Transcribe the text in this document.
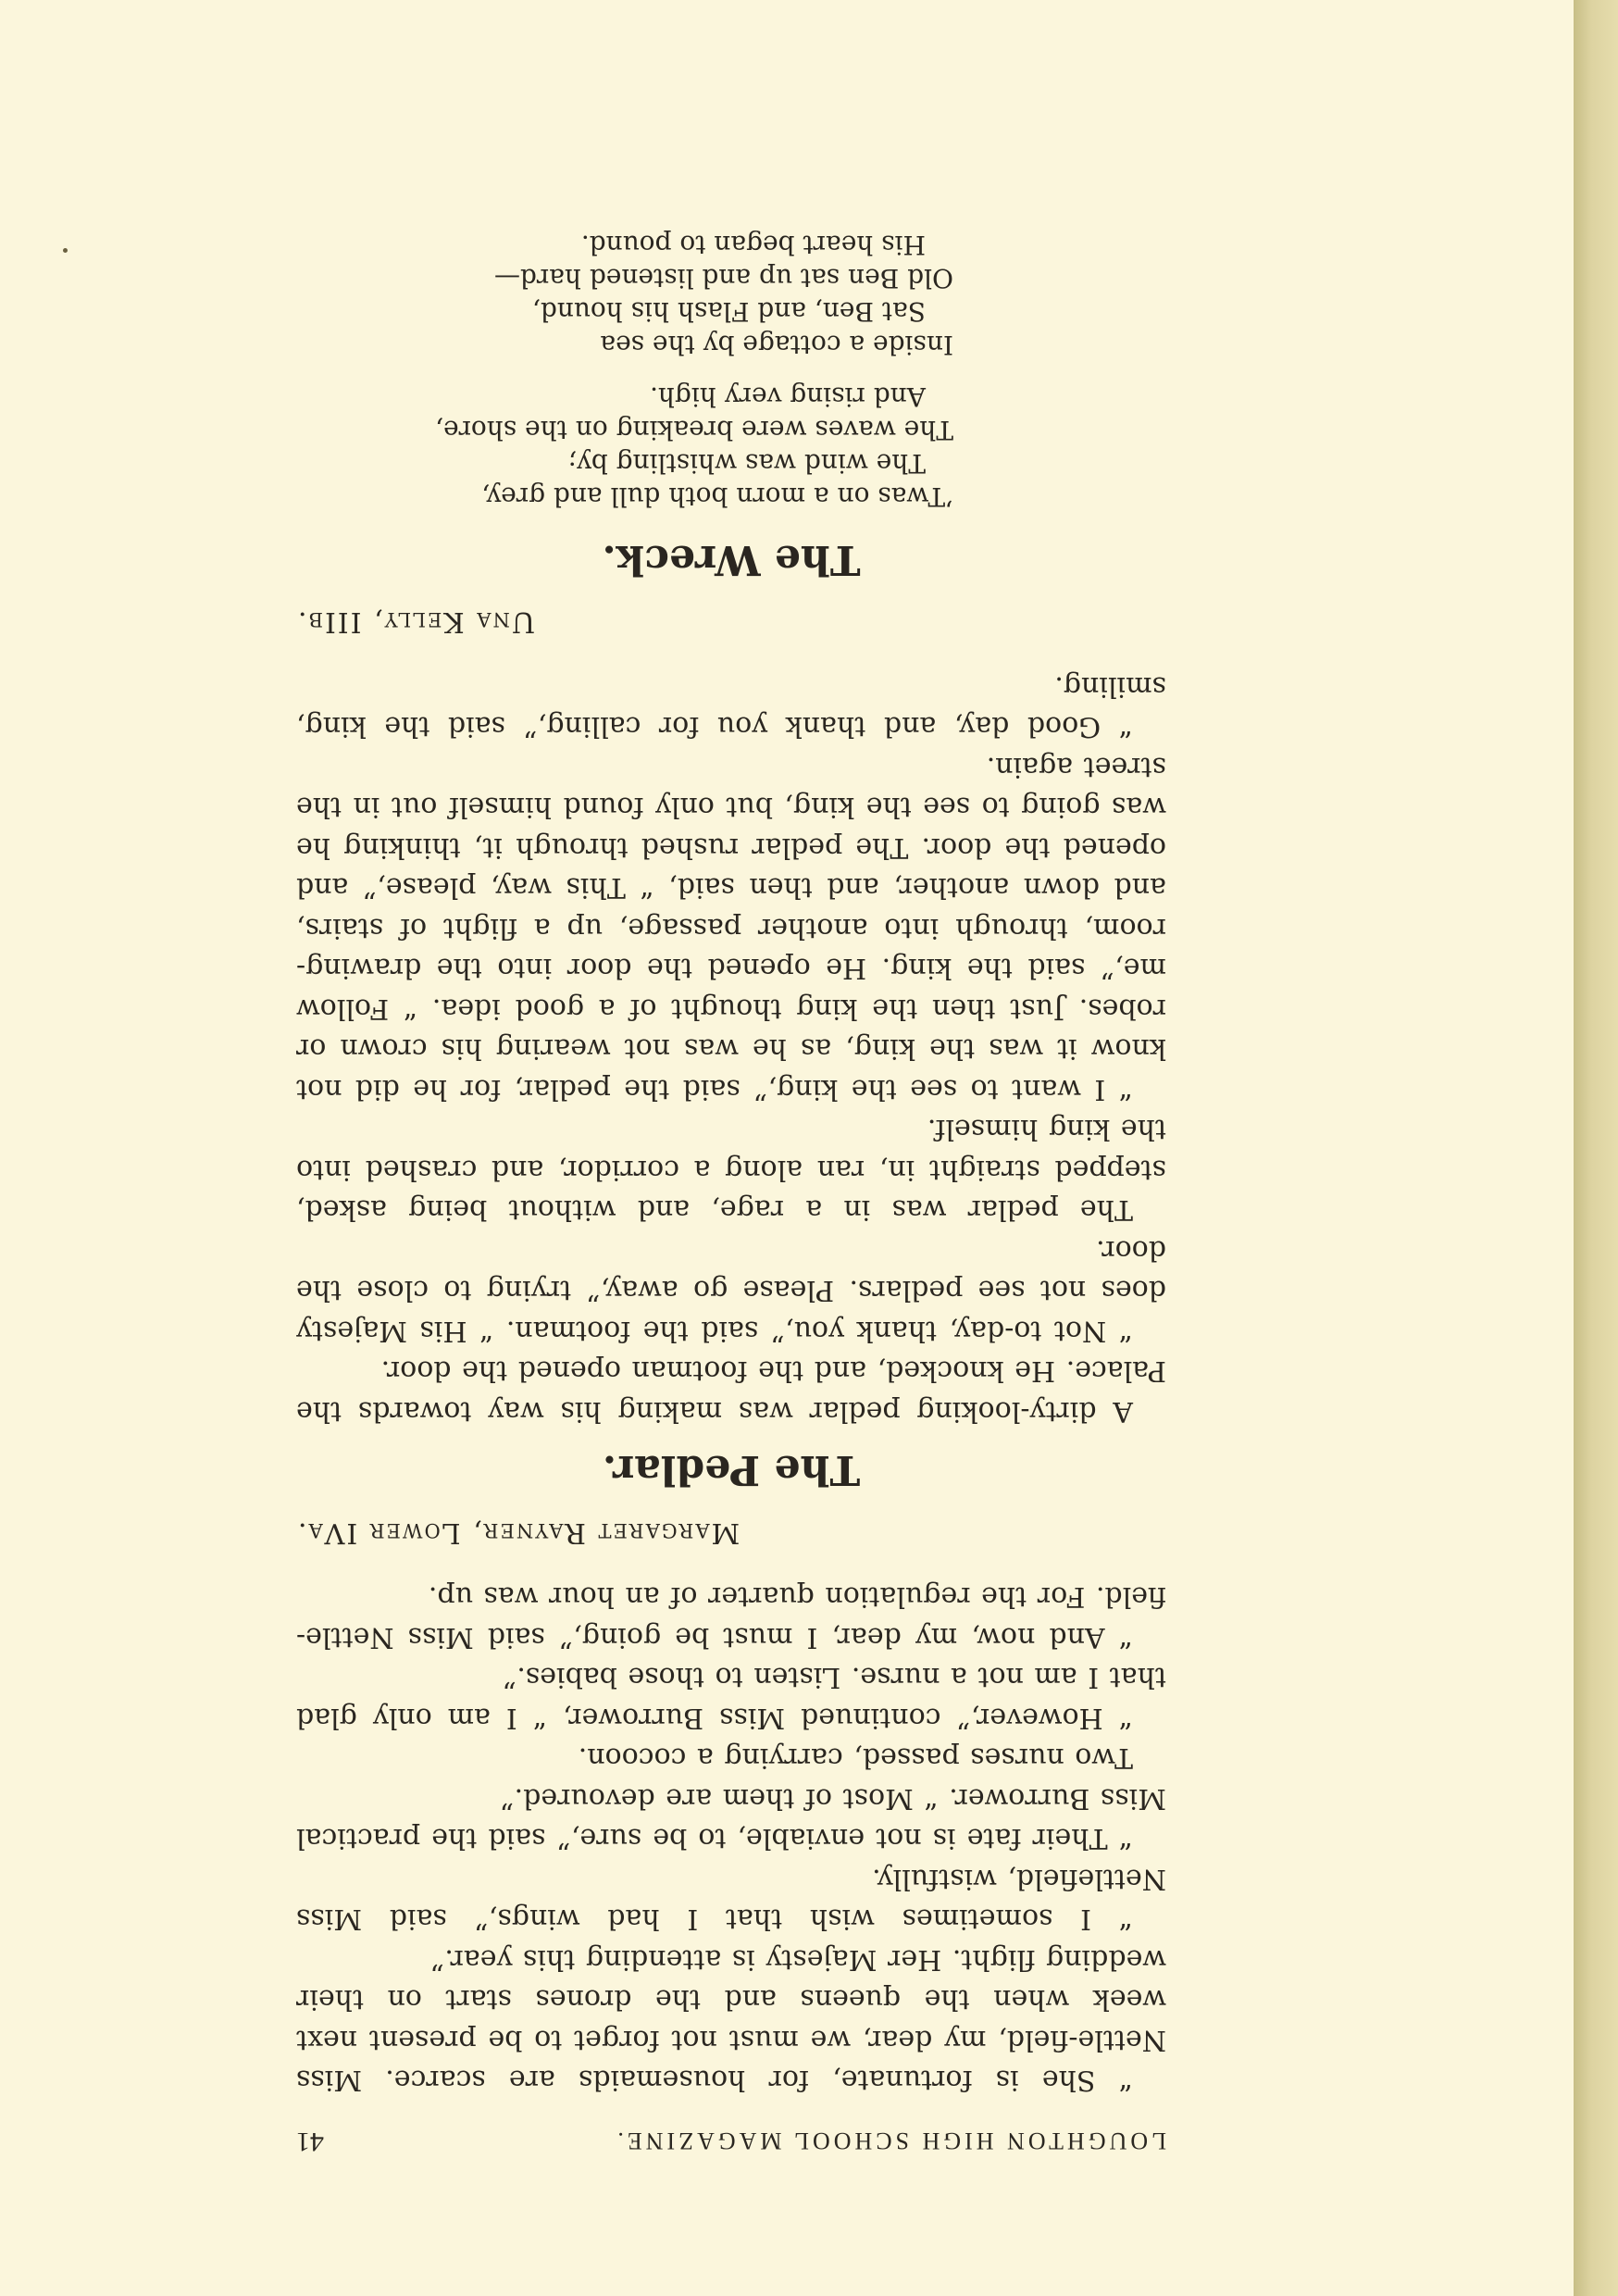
LOUGHTON HIGH SCHOOL MAGAZINE.
41

“ She is fortunate, for housemaids are scarce. Miss Nettle-field, my dear, we must not forget to be present next week when the queens and the drones start on their wedding flight. Her Majesty is attending this year.”

“ I sometimes wish that I had wings,” said Miss Nettlefield, wistfully.

“ Their fate is not enviable, to be sure,” said the practical Miss Burrower. “ Most of them are devoured.”

Two nurses passed, carrying a cocoon.

“ However,” continued Miss Burrower, “ I am only glad that I am not a nurse. Listen to those babies.”

“ And now, my dear, I must be going,” said Miss Nettle-field. For the regulation quarter of an hour was up.

Margaret Rayner, Lower IVa.
The Pedlar.

A dirty-looking pedlar was making his way towards the Palace. He knocked, and the footman opened the door.

“ Not to-day, thank you,” said the footman. “ His Majesty does not see pedlars. Please go away,” trying to close the door.

The pedlar was in a rage, and without being asked, stepped straight in, ran along a corridor, and crashed into the king himself.

“ I want to see the king,” said the pedlar, for he did not know it was the king, as he was not wearing his crown or robes. Just then the king thought of a good idea. “ Follow me,” said the king. He opened the door into the drawing-room, through into another passage, up a flight of stairs, and down another, and then said, “ This way, please,” and opened the door. The pedlar rushed through it, thinking he was going to see the king, but only found himself out in the street again.

“ Good day, and thank you for calling,” said the king, smiling.

Una Kelly, IIIb.
The Wreck.
’Twas on a morn both dull and grey,
The wind was whistling by;
The waves were breaking on the shore,
And rising very high.
Inside a cottage by the sea
Sat Ben, and Flash his hound,
Old Ben sat up and listened hard—
His heart began to pound.
